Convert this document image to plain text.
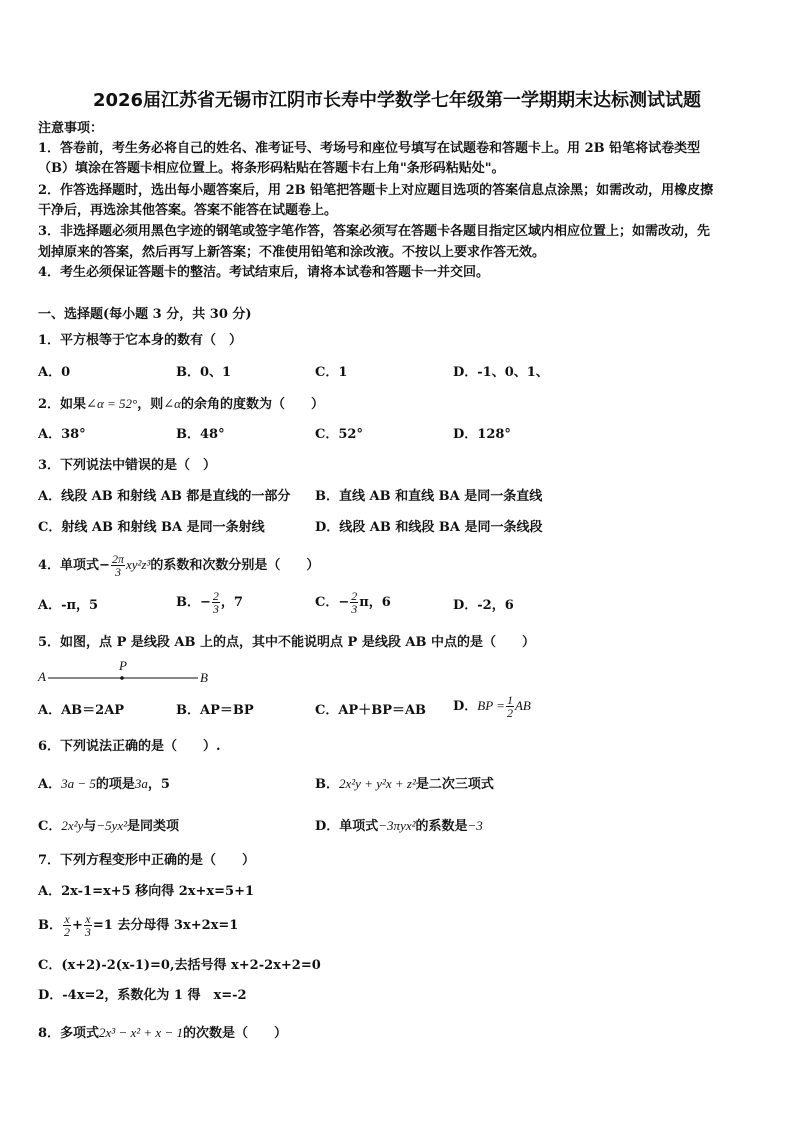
2026届江苏省无锡市江阴市长寿中学数学七年级第一学期期末达标测试试题
注意事项：
1．答卷前，考生务必将自己的姓名、准考证号、考场号和座位号填写在试题卷和答题卡上。用 2B 铅笔将试卷类型
（B）填涂在答题卡相应位置上。将条形码粘贴在答题卡右上角"条形码粘贴处"。
2．作答选择题时，选出每小题答案后，用 2B 铅笔把答题卡上对应题目选项的答案信息点涂黑；如需改动，用橡皮擦
干净后，再选涂其他答案。答案不能答在试题卷上。
3．非选择题必须用黑色字迹的钢笔或签字笔作答，答案必须写在答题卡各题目指定区域内相应位置上；如需改动，先
划掉原来的答案，然后再写上新答案；不准使用铅笔和涂改液。不按以上要求作答无效。
4．考生必须保证答题卡的整洁。考试结束后，请将本试卷和答题卡一并交回。
一、选择题(每小题 3 分，共 30 分)
1．平方根等于它本身的数有（　）
A．0	B．0、1	C．1	D．-1、0、1、
2．如果∠α = 52°，则∠α的余角的度数为（　　）
A．38°	B．48°	C．52°	D．128°
3．下列说法中错误的是（　）
A．线段 AB 和射线 AB 都是直线的一部分 B．直线 AB 和直线 BA 是同一条直线
C．射线 AB 和射线 BA 是同一条射线	D．线段 AB 和线段 BA 是同一条线段
4．单项式− $\frac{2\pi}{3} xy^2z^3$的系数和次数分别是（　　）
A．-π，5	B．− $\frac{2}{3}$ ，7	C．− $\frac{2}{3}$ π，6	D．-2，6
5．如图，点 P 是线段 AB 上的点，其中不能说明点 P 是线段 AB 中点的是（　　）
A
P
B
A．AB＝2AP	B．AP＝BP	C．AP＋BP＝AB D．BP = $\frac{1}{2}$ AB
6．下列说法正确的是（　　）.
A．3a − 5的项是3a，5	B．2x²y + y²x + z²是二次三项式
C．2x²y与−5yx²是同类项	D．单项式−3πyx²的系数是−3
7．下列方程变形中正确的是（　　）
A．2x-1=x+5 移向得 2x+x=5+1
B． $\frac{x}{2} + \frac{x}{3} =1$ 去分母得 3x+2x=1
C．(x+2)-2(x-1)=0,去括号得 x+2-2x+2=0
D．-4x=2，系数化为 1 得　x=-2
8．多项式2x³ − x² + x − 1的次数是（　　）
